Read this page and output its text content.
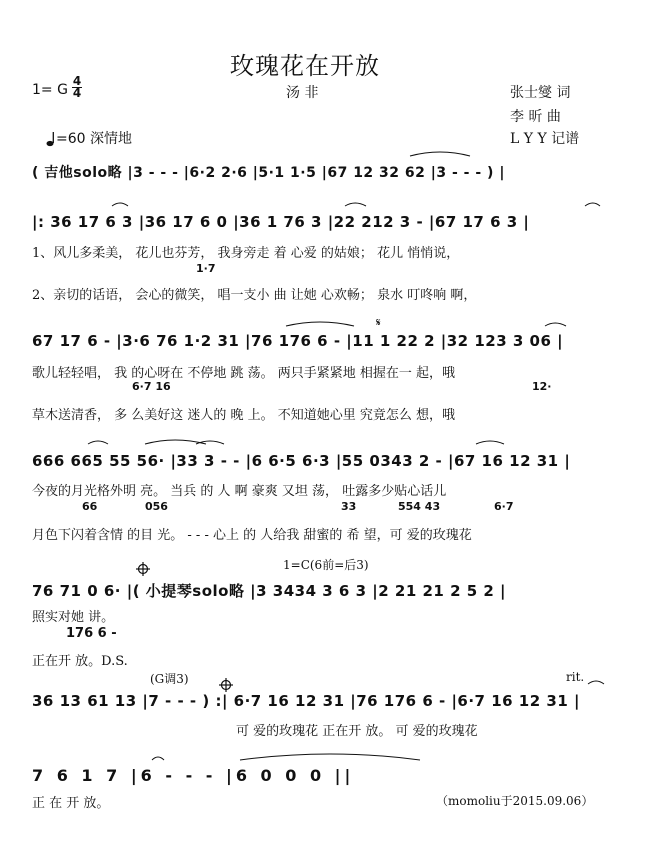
玫瑰花在开放
1= G
4
4	汤 非	张士燮 词
李 昕 曲
=60 深情地	L Y Y 记谱
( 吉他solo略 |3 - - - |6·2 2·6 |5·1 1·5 |67 12 32 62 |3 - - - ) |
|: 36 17 6 3 |36 17 6 0 |36 1 76 3 |22 212 3 - |67 17 6 3 |
1、风儿多柔美， 花儿也芬芳， 我身旁走 着 心爱 的姑娘； 花儿 悄悄说，
1·7
2、亲切的话语， 会心的微笑， 唱一支小 曲 让她 心欢畅； 泉水 叮咚响 啊，
67 17 6 - |3·6 76 1·2 31 |76 176 6 - |11 1 22 2 |32 123 3 06 |
歌儿轻轻唱， 我 的心呀在 不停地 跳 荡。 两只手紧紧地 相握在一 起，哦
6·7 16	12·
草木送清香， 多 么美好这 迷人的 晚 上。 不知道她心里 究竟怎么 想，哦
666 665 55 56· |33 3 - - |6 6·5 6·3 |55 0343 2 - |67 16 12 31 |
今夜的月光格外明 亮。 当兵 的 人 啊 豪爽 又坦 荡， 吐露多少贴心话儿
66	056	33	554 43	6·7
月色下闪着含情 的目 光。 - - - 心上 的 人给我 甜蜜的 希 望，可 爱的玫瑰花
1=C(6前=后3)
76 71 0 6· |( 小提琴solo略 |3 3434 3 6 3 |2 21 21 2 5 2 |
照实对她 讲。
176 6 -
正在开 放。D.S.
(G调3)	rit.
36 13 61 13 |7 - - - ) :| 6·7 16 12 31 |76 176 6 - |6·7 16 12 31 |
可 爱的玫瑰花 正在开 放。 可 爱的玫瑰花
7 6 1 7 |6 - - - |6 0 0 0 ||
正 在 开 放。	（momoliu于2015.09.06）
𝄋
